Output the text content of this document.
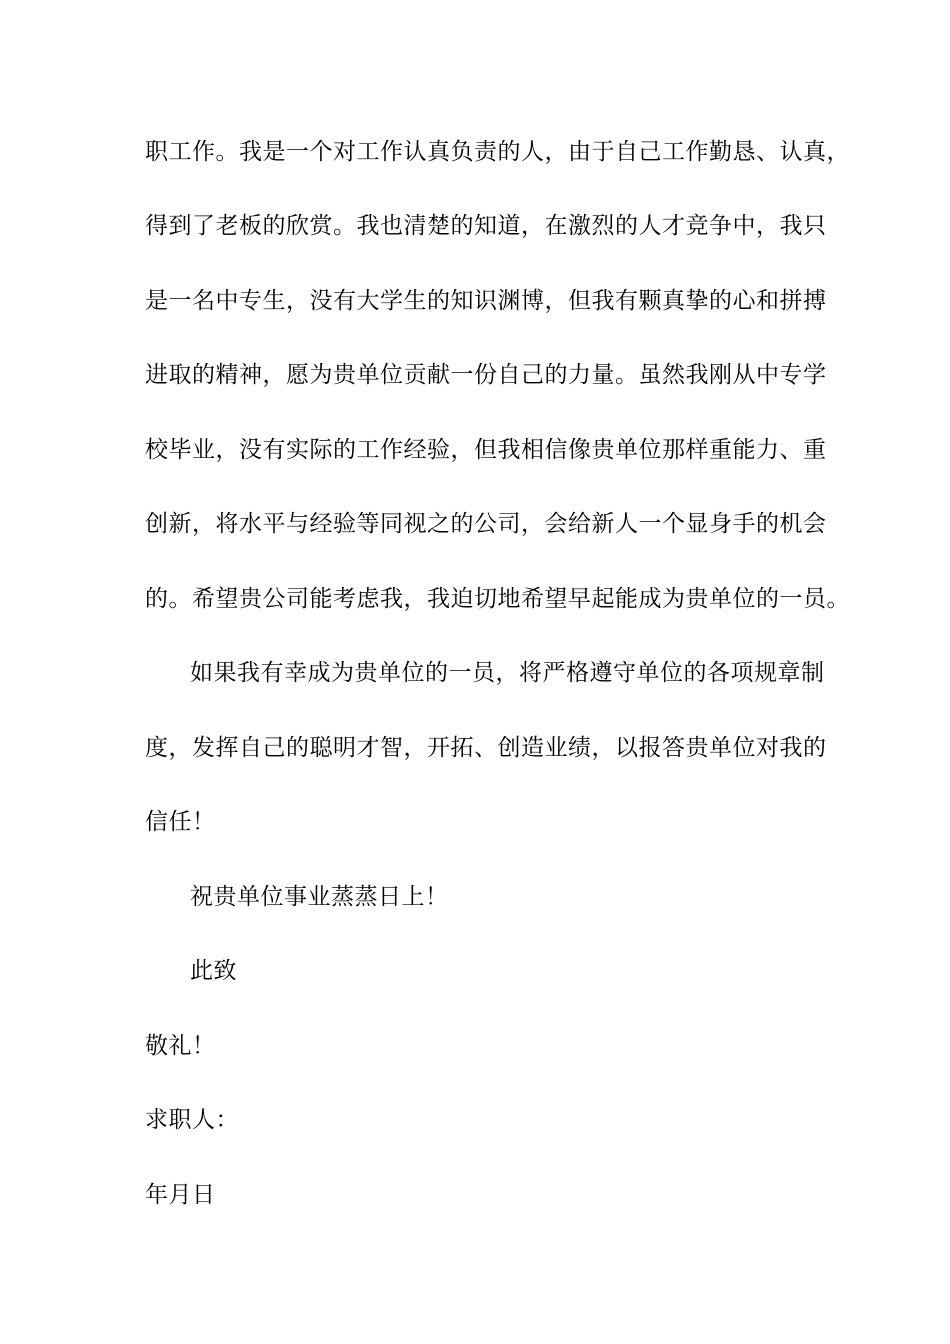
职工作。我是一个对工作认真负责的人，由于自己工作勤恳、认真，
得到了老板的欣赏。我也清楚的知道，在激烈的人才竞争中，我只
是一名中专生，没有大学生的知识渊博，但我有颗真挚的心和拼搏
进取的精神，愿为贵单位贡献一份自己的力量。虽然我刚从中专学
校毕业，没有实际的工作经验，但我相信像贵单位那样重能力、重
创新，将水平与经验等同视之的公司，会给新人一个显身手的机会
的。希望贵公司能考虑我，我迫切地希望早起能成为贵单位的一员。
如果我有幸成为贵单位的一员，将严格遵守单位的各项规章制
度，发挥自己的聪明才智，开拓、创造业绩，以报答贵单位对我的
信任！
祝贵单位事业蒸蒸日上！
此致
敬礼！
求职人：
年月日
